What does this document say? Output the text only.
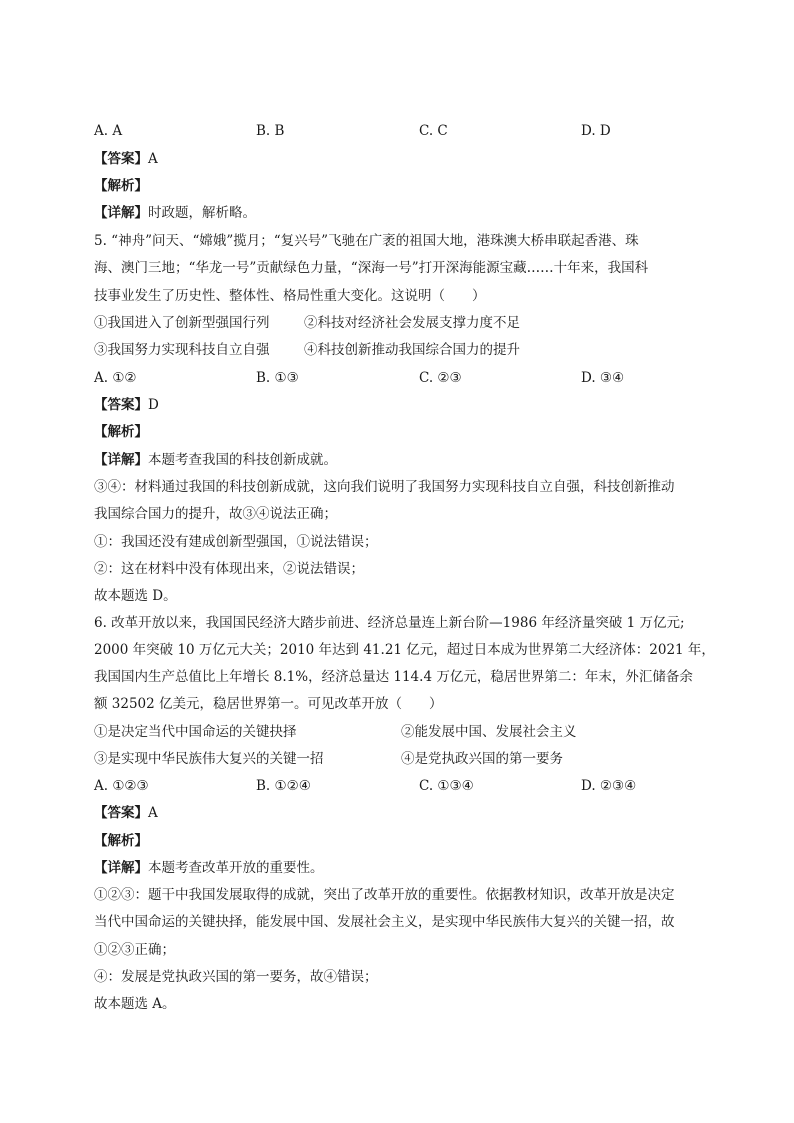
A. A	B. B	C. C	D. D
【答案】A
【解析】
【详解】时政题，解析略。
5. “神舟”问天、“嫦娥”揽月；“复兴号”飞驰在广袤的祖国大地，港珠澳大桥串联起香港、珠
海、澳门三地；“华龙一号”贡献绿色力量，“深海一号”打开深海能源宝藏……十年来，我国科
技事业发生了历史性、整体性、格局性重大变化。这说明（　　）
①我国进入了创新型强国行列	②科技对经济社会发展支撑力度不足
③我国努力实现科技自立自强	④科技创新推动我国综合国力的提升
A. ①②	B. ①③	C. ②③	D. ③④
【答案】D
【解析】
【详解】本题考查我国的科技创新成就。
③④：材料通过我国的科技创新成就，这向我们说明了我国努力实现科技自立自强，科技创新推动
我国综合国力的提升，故③④说法正确；
①：我国还没有建成创新型强国，①说法错误；
②：这在材料中没有体现出来，②说法错误；
故本题选 D。
6. 改革开放以来，我国国民经济大踏步前进、经济总量连上新台阶—1986 年经济量突破 1 万亿元;
2000 年突破 10 万亿元大关；2010 年达到 41.21 亿元，超过日本成为世界第二大经济体：2021 年，
我国国内生产总值比上年增长 8.1%，经济总量达 114.4 万亿元，稳居世界第二：年末，外汇储备余
额 32502 亿美元，稳居世界第一。可见改革开放（　　）
①是决定当代中国命运的关键抉择	②能发展中国、发展社会主义
③是实现中华民族伟大复兴的关键一招	④是党执政兴国的第一要务
A. ①②③	B. ①②④	C. ①③④	D. ②③④
【答案】A
【解析】
【详解】本题考查改革开放的重要性。
①②③：题干中我国发展取得的成就，突出了改革开放的重要性。依据教材知识，改革开放是决定
当代中国命运的关键抉择，能发展中国、发展社会主义，是实现中华民族伟大复兴的关键一招，故
①②③正确；
④：发展是党执政兴国的第一要务，故④错误；
故本题选 A。
